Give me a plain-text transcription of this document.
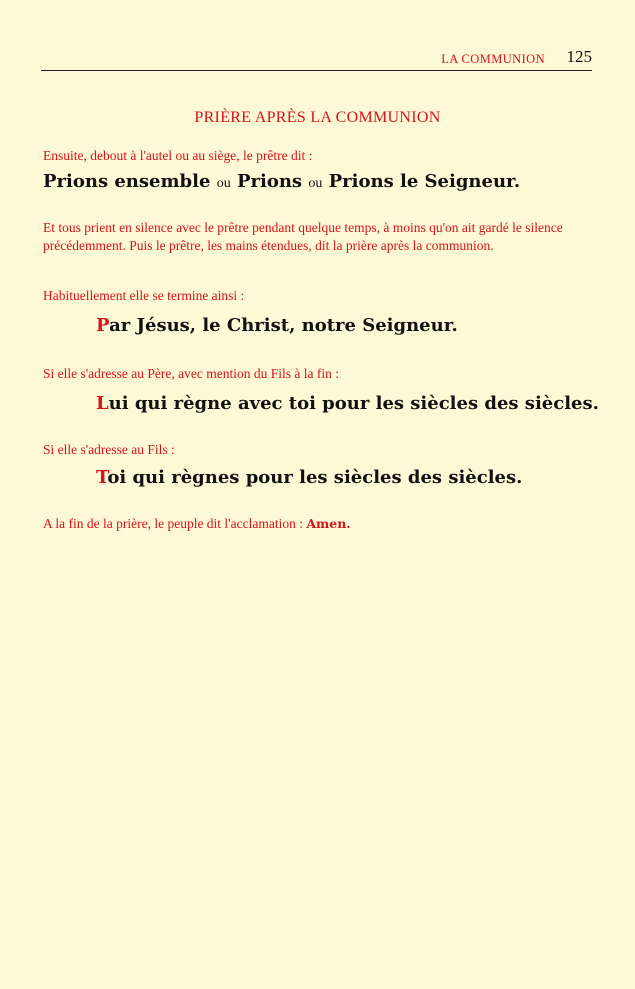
LA COMMUNION 125
PRIÈRE APRÈS LA COMMUNION
Ensuite, debout à l'autel ou au siège, le prêtre dit :
Prions ensemble ou Prions ou Prions le Seigneur.
Et tous prient en silence avec le prêtre pendant quelque temps, à moins qu'on ait gardé le silence précédemment. Puis le prêtre, les mains étendues, dit la prière après la communion.
Habituellement elle se termine ainsi :
Par Jésus, le Christ, notre Seigneur.
Si elle s'adresse au Père, avec mention du Fils à la fin :
Lui qui règne avec toi pour les siècles des siècles.
Si elle s'adresse au Fils :
Toi qui règnes pour les siècles des siècles.
A la fin de la prière, le peuple dit l'acclamation : Amen.
